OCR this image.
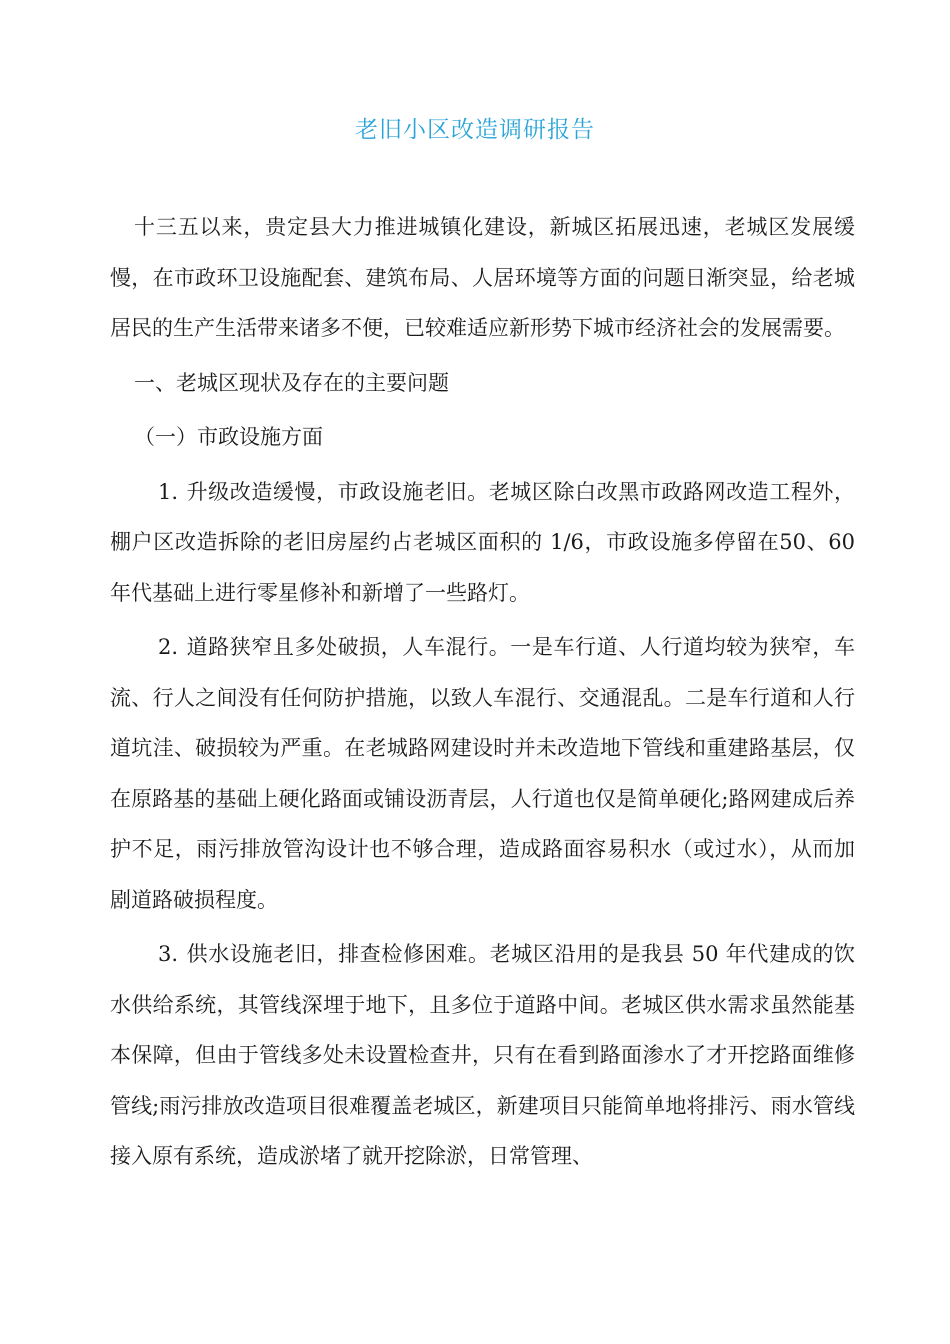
老旧小区改造调研报告

十三五以来，贵定县大力推进城镇化建设，新城区拓展迅速，老城区发展缓慢，在市政环卫设施配套、建筑布局、人居环境等方面的问题日渐突显，给老城居民的生产生活带来诸多不便，已较难适应新形势下城市经济社会的发展需要。

一、老城区现状及存在的主要问题

（一）市政设施方面

1. 升级改造缓慢，市政设施老旧。老城区除白改黑市政路网改造工程外，棚户区改造拆除的老旧房屋约占老城区面积的 1/6，市政设施多停留在50、60 年代基础上进行零星修补和新增了一些路灯。

2. 道路狭窄且多处破损，人车混行。一是车行道、人行道均较为狭窄，车流、行人之间没有任何防护措施，以致人车混行、交通混乱。二是车行道和人行道坑洼、破损较为严重。在老城路网建设时并未改造地下管线和重建路基层，仅在原路基的基础上硬化路面或铺设沥青层，人行道也仅是简单硬化;路网建成后养护不足，雨污排放管沟设计也不够合理，造成路面容易积水（或过水），从而加剧道路破损程度。

3. 供水设施老旧，排查检修困难。老城区沿用的是我县 50 年代建成的饮水供给系统，其管线深埋于地下，且多位于道路中间。老城区供水需求虽然能基本保障，但由于管线多处未设置检查井，只有在看到路面渗水了才开挖路面维修管线;雨污排放改造项目很难覆盖老城区，新建项目只能简单地将排污、雨水管线接入原有系统，造成淤堵了就开挖除淤，日常管理、
